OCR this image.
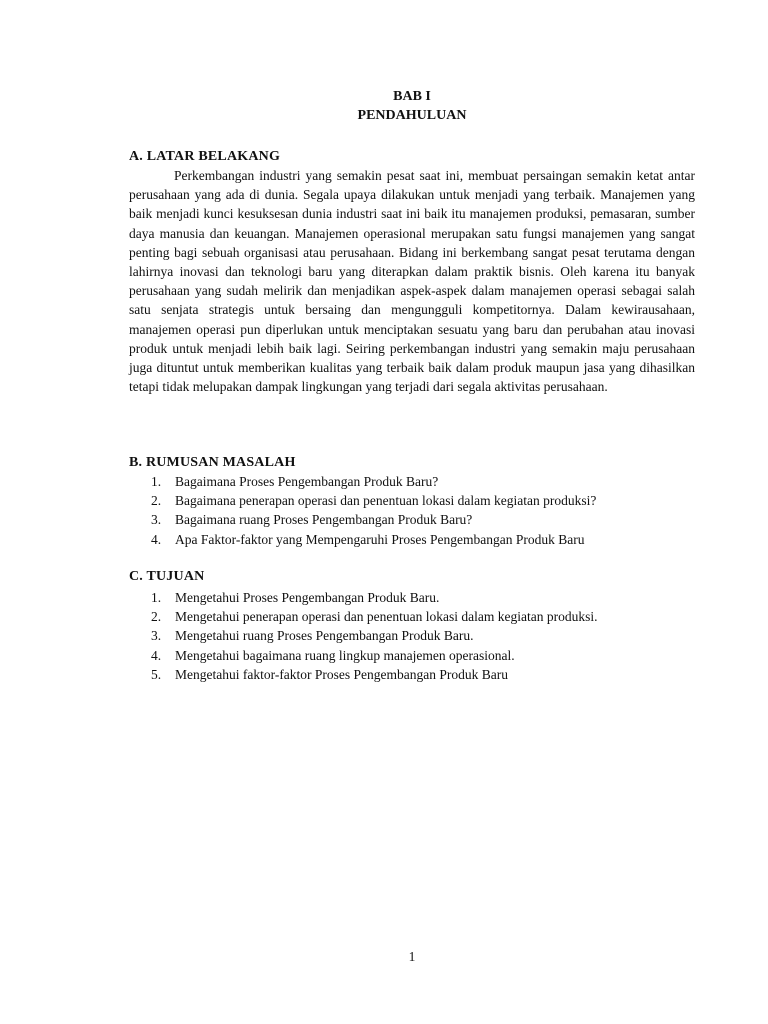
BAB I
PENDAHULUAN
A. LATAR BELAKANG

Perkembangan industri yang semakin pesat saat ini, membuat persaingan semakin ketat antar perusahaan yang ada di dunia. Segala upaya dilakukan untuk menjadi yang terbaik. Manajemen yang baik menjadi kunci kesuksesan dunia industri saat ini baik itu manajemen produksi, pemasaran, sumber daya manusia dan keuangan. Manajemen operasional merupakan satu fungsi manajemen yang sangat penting bagi sebuah organisasi atau perusahaan. Bidang ini berkembang sangat pesat terutama dengan lahirnya inovasi dan teknologi baru yang diterapkan dalam praktik bisnis. Oleh karena itu banyak perusahaan yang sudah melirik dan menjadikan aspek-aspek dalam manajemen operasi sebagai salah satu senjata strategis untuk bersaing dan mengungguli kompetitornya. Dalam kewirausahaan, manajemen operasi pun diperlukan untuk menciptakan sesuatu yang baru dan perubahan atau inovasi produk untuk menjadi lebih baik lagi. Seiring perkembangan industri yang semakin maju perusahaan juga dituntut untuk memberikan kualitas yang terbaik baik dalam produk maupun jasa yang dihasilkan tetapi tidak melupakan dampak lingkungan yang terjadi dari segala aktivitas perusahaan.

B. RUMUSAN MASALAH
1. Bagaimana Proses Pengembangan Produk Baru?
2. Bagaimana penerapan operasi dan penentuan lokasi dalam kegiatan produksi?
3. Bagaimana ruang Proses Pengembangan Produk Baru?
4. Apa Faktor-faktor yang Mempengaruhi Proses Pengembangan Produk Baru
C. TUJUAN
1. Mengetahui Proses Pengembangan Produk Baru.
2. Mengetahui penerapan operasi dan penentuan lokasi dalam kegiatan produksi.
3. Mengetahui ruang Proses Pengembangan Produk Baru.
4. Mengetahui bagaimana ruang lingkup manajemen operasional.
5. Mengetahui faktor-faktor Proses Pengembangan Produk Baru
1
